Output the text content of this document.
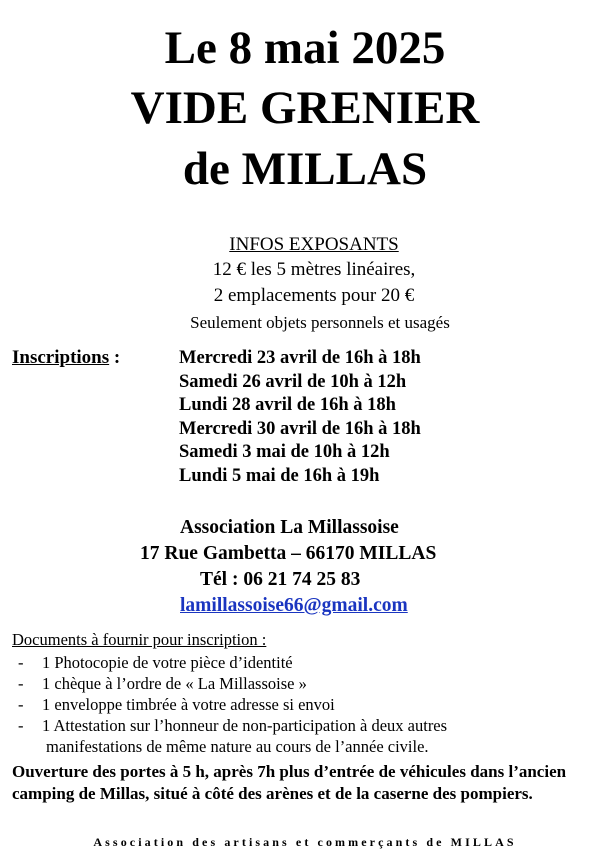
Le 8 mai 2025
VIDE GRENIER
de MILLAS
INFOS EXPOSANTS
12 € les 5 mètres linéaires,
2 emplacements pour 20 €
Seulement objets personnels et usagés
Inscriptions :	Mercredi 23 avril de 16h à 18h
Samedi 26 avril de 10h à 12h
Lundi 28 avril de 16h à 18h
Mercredi 30 avril de 16h à 18h
Samedi 3 mai de 10h à 12h
Lundi 5 mai de 16h à 19h
Association La Millassoise
17 Rue Gambetta – 66170 MILLAS
Tél : 06 21 74 25 83
lamillassoise66@gmail.com
Documents à fournir pour inscription :
- 1 Photocopie de votre pièce d’identité
- 1 chèque à l’ordre de « La Millassoise »
- 1 enveloppe timbrée à votre adresse si envoi
- 1 Attestation sur l’honneur de non-participation à deux autres
manifestations de même nature au cours de l’année civile.
Ouverture des portes à 5 h, après 7h plus d’entrée de véhicules dans l’ancien camping de Millas, situé à côté des arènes et de la caserne des pompiers.
Association des artisans et commerçants de MILLAS
